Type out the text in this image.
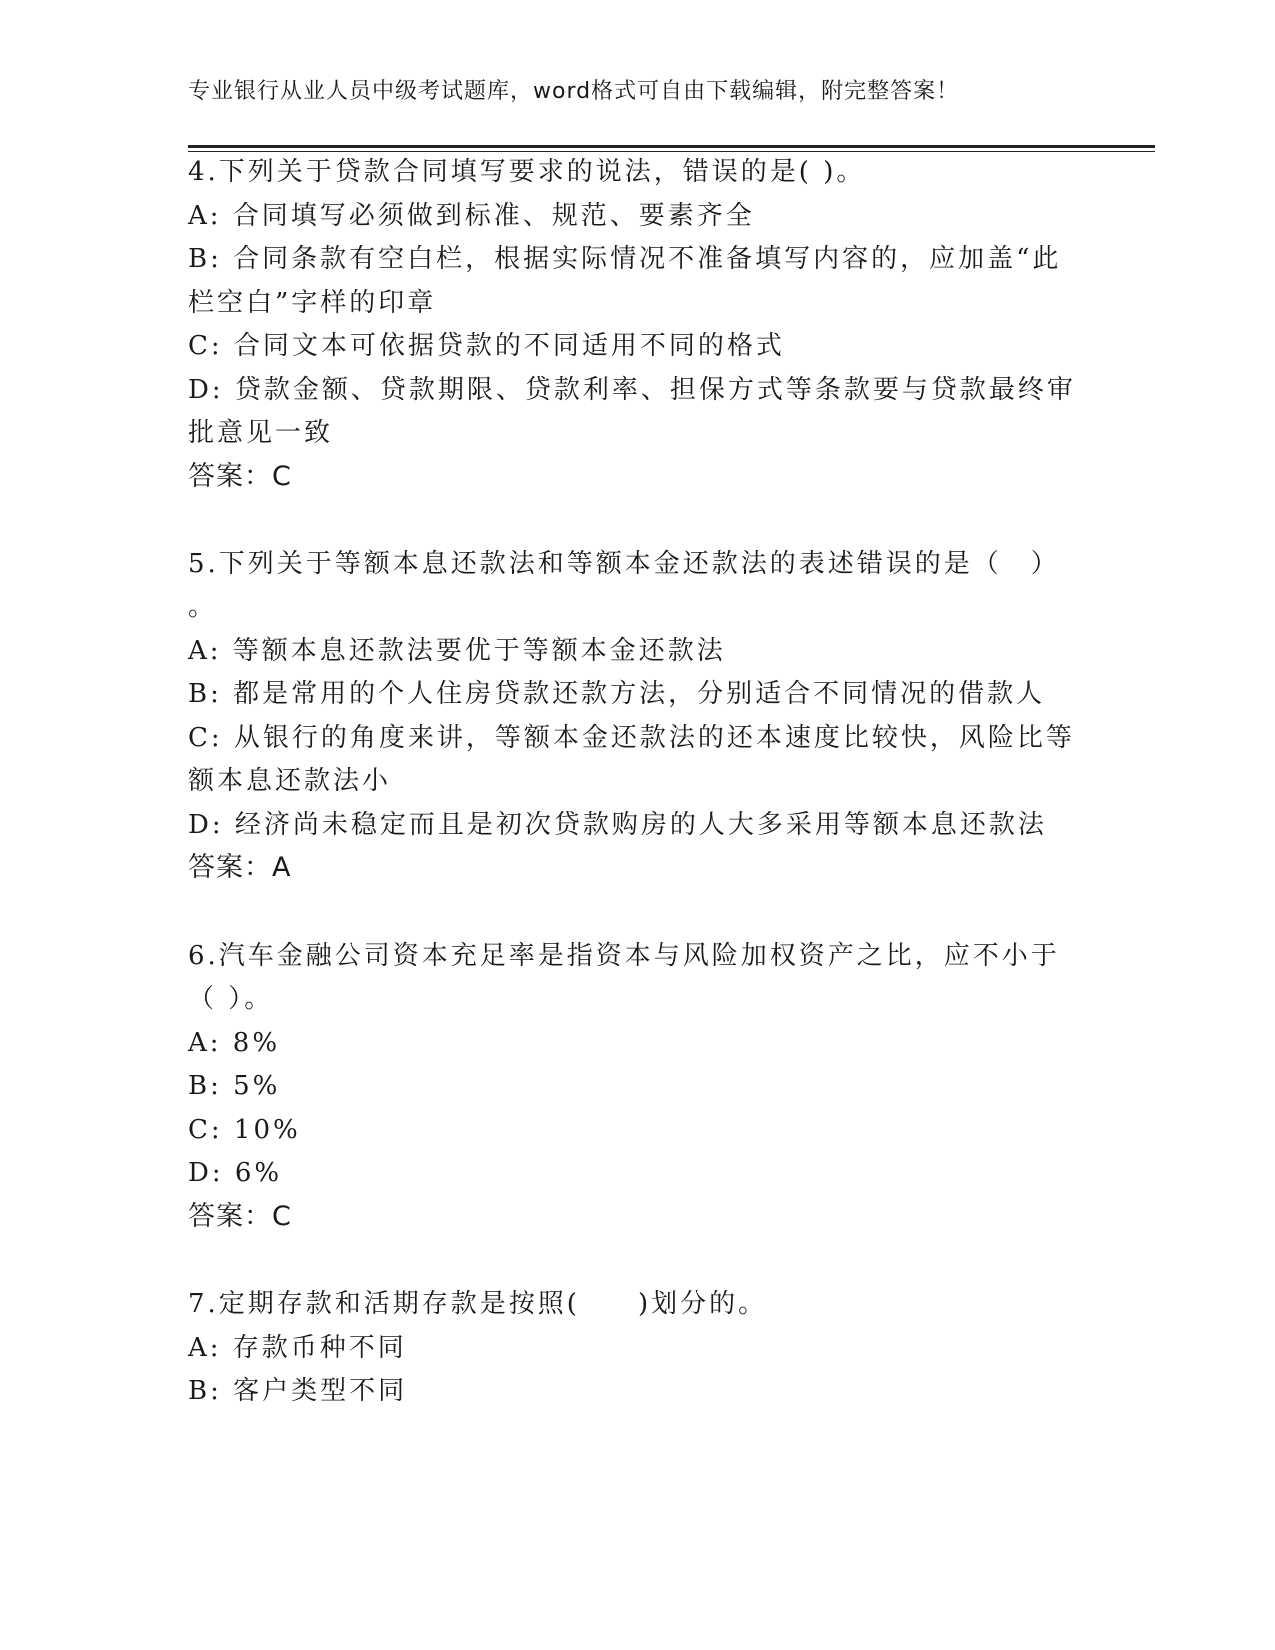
专业银行从业人员中级考试题库，word格式可自由下载编辑，附完整答案！
4.下列关于贷款合同填写要求的说法，错误的是( )。
A: 合同填写必须做到标准、规范、要素齐全
B: 合同条款有空白栏，根据实际情况不准备填写内容的，应加盖“此
栏空白”字样的印章
C: 合同文本可依据贷款的不同适用不同的格式
D: 贷款金额、贷款期限、贷款利率、担保方式等条款要与贷款最终审
批意见一致
答案：C
5.下列关于等额本息还款法和等额本金还款法的表述错误的是（　）
。
A: 等额本息还款法要优于等额本金还款法
B: 都是常用的个人住房贷款还款方法，分别适合不同情况的借款人
C: 从银行的角度来讲，等额本金还款法的还本速度比较快，风险比等
额本息还款法小
D: 经济尚未稳定而且是初次贷款购房的人大多采用等额本息还款法
答案：A
6.汽车金融公司资本充足率是指资本与风险加权资产之比，应不小于
（ ）。
A: 8%
B: 5%
C: 10%
D: 6%
答案：C
7.定期存款和活期存款是按照(　　)划分的。
A: 存款币种不同
B: 客户类型不同
